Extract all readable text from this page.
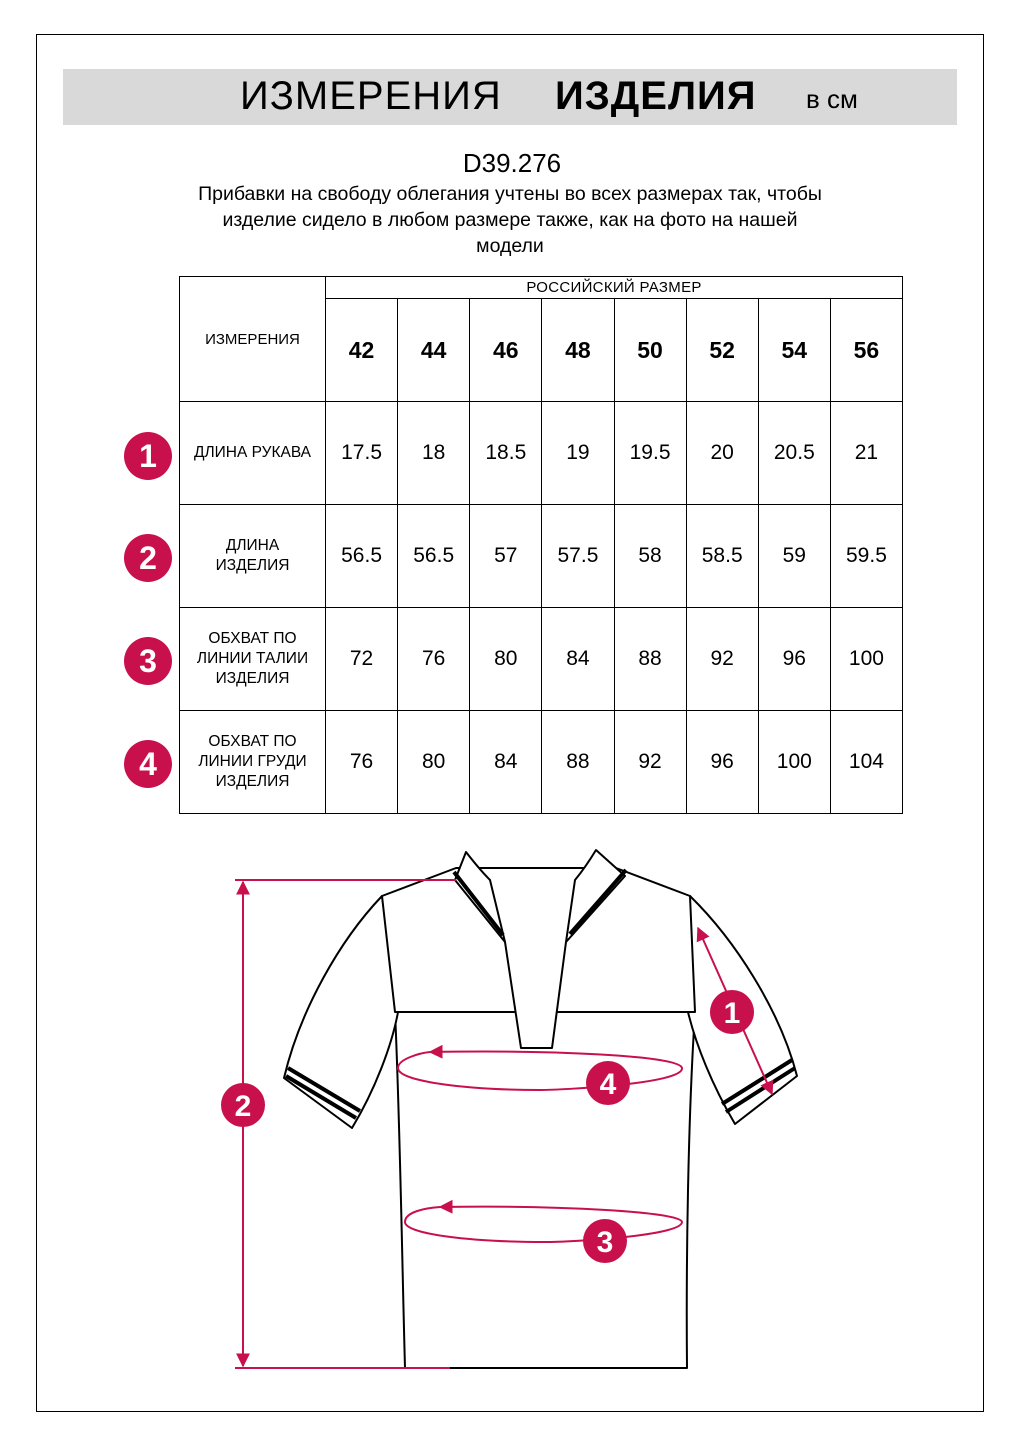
ИЗМЕРЕНИЯ ИЗДЕЛИЯ в см
D39.276
Прибавки на свободу облегания учтены во всех размерах так, чтобы
изделие сидело в любом размере также, как на фото на нашей
модели
ИЗМЕРЕНИЯ	РОССИЙСКИЙ РАЗМЕР							
	42	44	46	48	50	52	54	56
ДЛИНА РУКАВА	17.5	18	18.5	19	19.5	20	20.5	21
ДЛИНА
ИЗДЕЛИЯ	56.5	56.5	57	57.5	58	58.5	59	59.5
ОБХВАТ ПО
ЛИНИИ ТАЛИИ
ИЗДЕЛИЯ	72	76	80	84	88	92	96	100
ОБХВАТ ПО
ЛИНИИ ГРУДИ
ИЗДЕЛИЯ	76	80	84	88	92	96	100	104
1
2
3
4
1
2
3
4
